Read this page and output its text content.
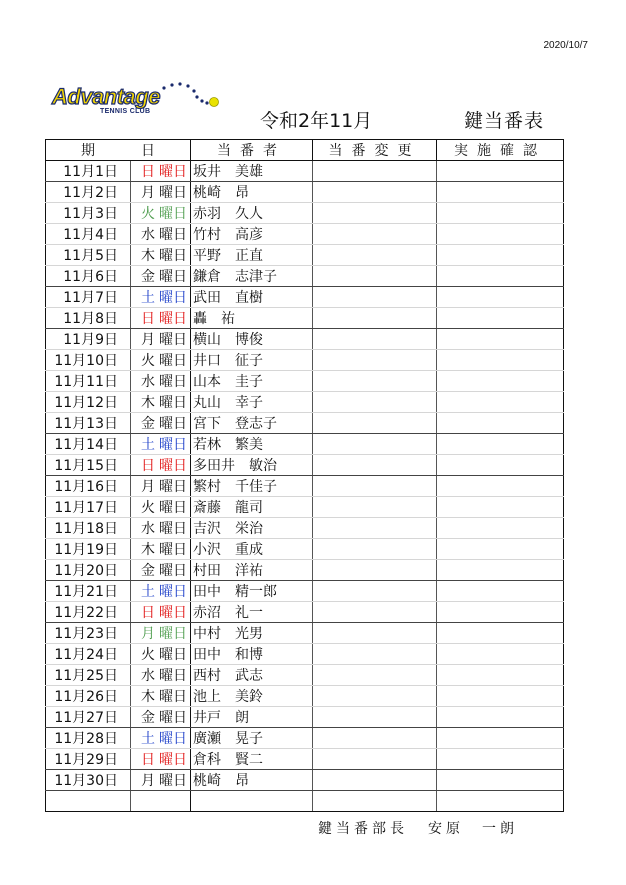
2020/10/7
Advantage
TENNIS CLUB	令和2年11月	鍵当番表
期 日		当番者	当番変更	実施確認
11月1日	日 曜日	坂井　美雄		
11月2日	月 曜日	桃崎　昂		
11月3日	火 曜日	赤羽　久人		
11月4日	水 曜日	竹村　高彦		
11月5日	木 曜日	平野　正直		
11月6日	金 曜日	鎌倉　志津子		
11月7日	土 曜日	武田　直樹		
11月8日	日 曜日	轟　祐		
11月9日	月 曜日	横山　博俊		
11月10日	火 曜日	井口　征子		
11月11日	水 曜日	山本　圭子		
11月12日	木 曜日	丸山　幸子		
11月13日	金 曜日	宮下　登志子		
11月14日	土 曜日	若林　繁美		
11月15日	日 曜日	多田井　敏治		
11月16日	月 曜日	繁村　千佳子		
11月17日	火 曜日	斎藤　龍司		
11月18日	水 曜日	吉沢　栄治		
11月19日	木 曜日	小沢　重成		
11月20日	金 曜日	村田　洋祐		
11月21日	土 曜日	田中　精一郎		
11月22日	日 曜日	赤沼　礼一		
11月23日	月 曜日	中村　光男		
11月24日	火 曜日	田中　和博		
11月25日	水 曜日	西村　武志		
11月26日	木 曜日	池上　美鈴		
11月27日	金 曜日	井戸　朗		
11月28日	土 曜日	廣瀬　晃子		
11月29日	日 曜日	倉科　賢二		
11月30日	月 曜日	桃崎　昂		

鍵当番部長 安原　一朗
